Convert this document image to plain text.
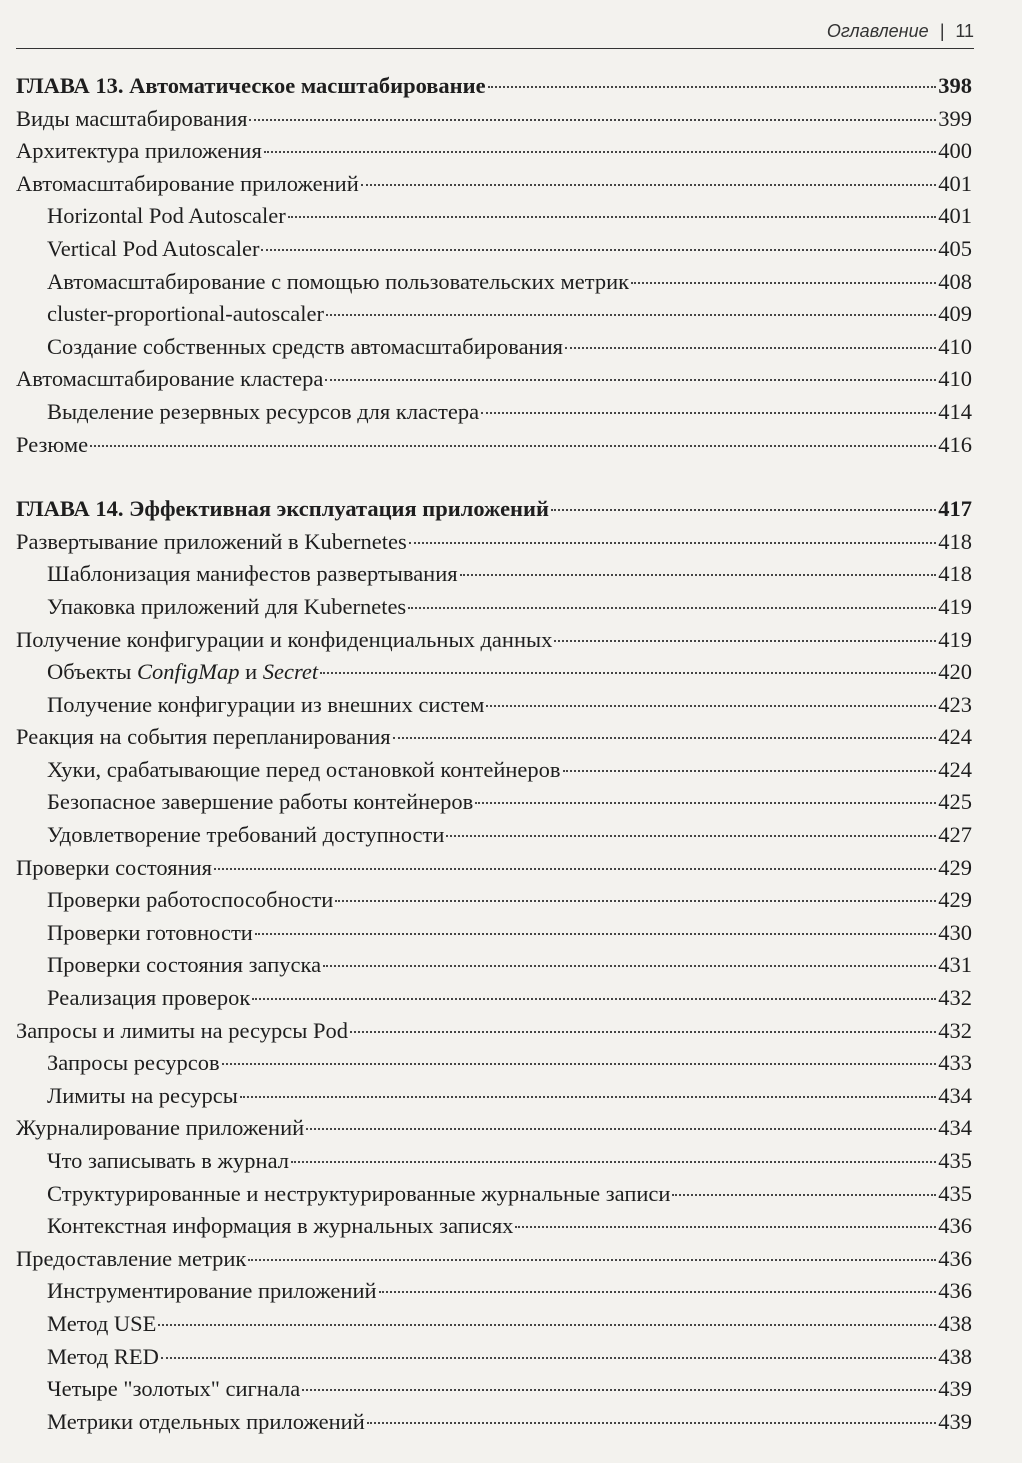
Оглавление | 11
ГЛАВА 13. Автоматическое масштабирование	398
Виды масштабирования	399
Архитектура приложения	400
Автомасштабирование приложений	401
Horizontal Pod Autoscaler	401
Vertical Pod Autoscaler	405
Автомасштабирование с помощью пользовательских метрик	408
cluster-proportional-autoscaler	409
Создание собственных средств автомасштабирования	410
Автомасштабирование кластера	410
Выделение резервных ресурсов для кластера	414
Резюме	416
ГЛАВА 14. Эффективная эксплуатация приложений	417
Развертывание приложений в Kubernetes	418
Шаблонизация манифестов развертывания	418
Упаковка приложений для Kubernetes	419
Получение конфигурации и конфиденциальных данных	419
Объекты ConfigMap и Secret	420
Получение конфигурации из внешних систем	423
Реакция на события перепланирования	424
Хуки, срабатывающие перед остановкой контейнеров	424
Безопасное завершение работы контейнеров	425
Удовлетворение требований доступности	427
Проверки состояния	429
Проверки работоспособности	429
Проверки готовности	430
Проверки состояния запуска	431
Реализация проверок	432
Запросы и лимиты на ресурсы Pod	432
Запросы ресурсов	433
Лимиты на ресурсы	434
Журналирование приложений	434
Что записывать в журнал	435
Структурированные и неструктурированные журнальные записи	435
Контекстная информация в журнальных записях	436
Предоставление метрик	436
Инструментирование приложений	436
Метод USE	438
Метод RED	438
Четыре "золотых" сигнала	439
Метрики отдельных приложений	439
